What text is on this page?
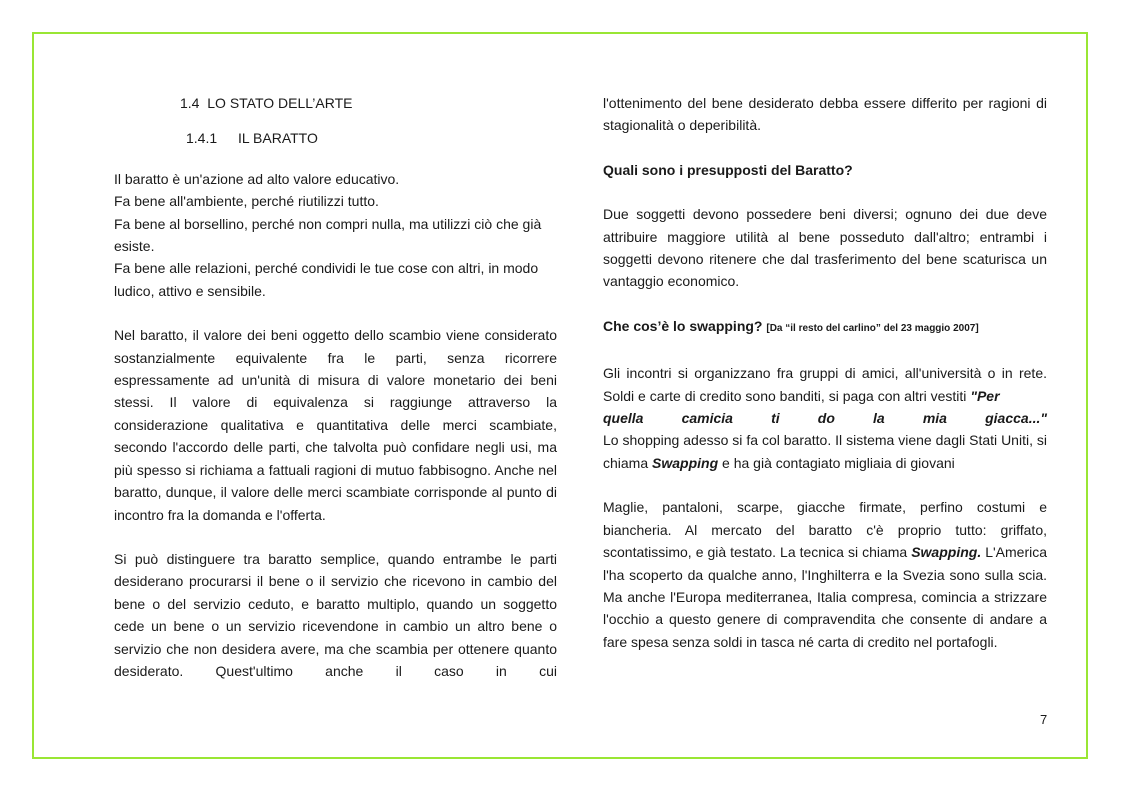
1.4 LO STATO DELL’ARTE

1.4.1 IL BARATTO

Il baratto è un'azione ad alto valore educativo.

Fa bene all'ambiente, perché riutilizzi tutto.

Fa bene al borsellino, perché non compri nulla, ma utilizzi ciò che già esiste.

Fa bene alle relazioni, perché condividi le tue cose con altri, in modo ludico, attivo e sensibile.

Nel baratto, il valore dei beni oggetto dello scambio viene considerato sostanzialmente equivalente fra le parti, senza ricorrere espressamente ad un'unità di misura di valore monetario dei beni stessi. Il valore di equivalenza si raggiunge attraverso la considerazione qualitativa e quantitativa delle merci scambiate, secondo l'accordo delle parti, che talvolta può confidare negli usi, ma più spesso si richiama a fattuali ragioni di mutuo fabbisogno. Anche nel baratto, dunque, il valore delle merci scambiate corrisponde al punto di incontro fra la domanda e l'offerta.

Si può distinguere tra baratto semplice, quando entrambe le parti desiderano procurarsi il bene o il servizio che ricevono in cambio del bene o del servizio ceduto, e baratto multiplo, quando un soggetto cede un bene o un servizio ricevendone in cambio un altro bene o servizio che non desidera avere, ma che scambia per ottenere quanto desiderato. Quest'ultimo anche il caso in cui

l'ottenimento del bene desiderato debba essere differito per ragioni di stagionalità o deperibilità.

Quali sono i presupposti del Baratto?

Due soggetti devono possedere beni diversi; ognuno dei due deve attribuire maggiore utilità al bene posseduto dall'altro; entrambi i soggetti devono ritenere che dal trasferimento del bene scaturisca un vantaggio economico.

Che cos’è lo swapping? [Da “il resto del carlino” del 23 maggio 2007]

Gli incontri si organizzano fra gruppi di amici, all'università o in rete. Soldi e carte di credito sono banditi, si paga con altri vestiti "Per

quella camicia ti do la mia giacca..."

Lo shopping adesso si fa col baratto. Il sistema viene dagli Stati Uniti, si chiama Swapping e ha già contagiato migliaia di giovani

Maglie, pantaloni, scarpe, giacche firmate, perfino costumi e biancheria. Al mercato del baratto c'è proprio tutto: griffato, scontatissimo, e già testato. La tecnica si chiama Swapping. L'America l'ha scoperto da qualche anno, l'Inghilterra e la Svezia sono sulla scia. Ma anche l'Europa mediterranea, Italia compresa, comincia a strizzare l'occhio a questo genere di compravendita che consente di andare a fare spesa senza soldi in tasca né carta di credito nel portafogli.

7
